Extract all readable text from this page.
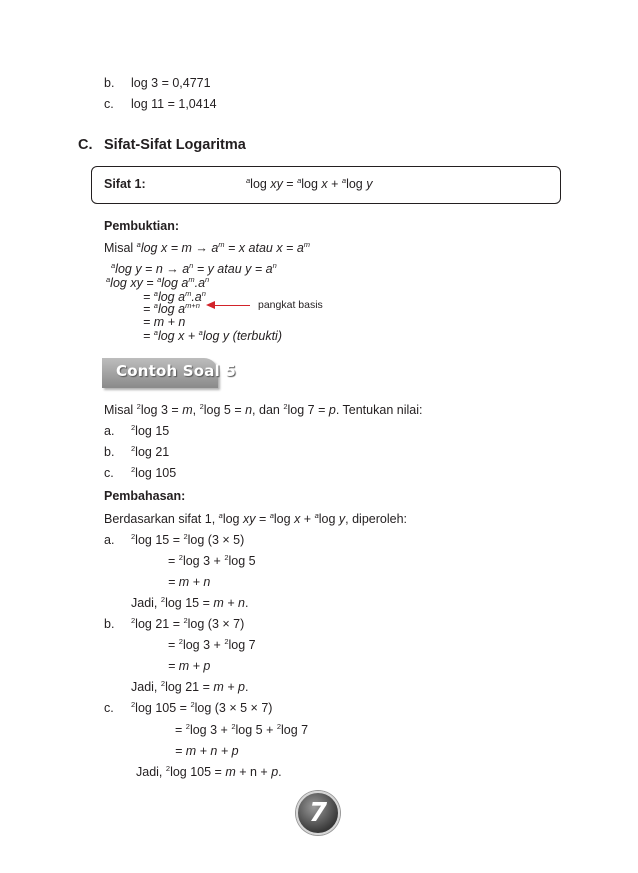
b. log 3 = 0,4771
c. log 11 = 1,0414
C. Sifat-Sifat Logaritma
Sifat 1:	$^a$log xy = $^a$log x + $^a$log y
Pembuktian:
Misal $^a$log $x = m \to a^m = x$ atau $x = a^m$
$^a$log $y = n \to a^n = y$ atau $y = a^n$
$^a$log xy = $^a$log $a^m.a^n$
= $^a$log $a^m.a^n$
= $^a$log $a^{m+n}$	pangkat basis
= m + n
= $^a$log x + $^a$log y (terbukti)
Contoh Soal 5
Misal $^2$log 3 = m, $^2$log 5 = n, dan $^2$log 7 = p. Tentukan nilai:
a. $^2$log 15
b. $^2$log 21
c. $^2$log 105
Pembahasan:
Berdasarkan sifat 1, $^a$log xy = $^a$log x + $^a$log y, diperoleh:
a. $^2$log 15 = $^2$log (3 × 5)
= $^2$log 3 + $^2$log 5
= m + n
Jadi, $^2$log 15 = m + n.
b. $^2$log 21 = $^2$log (3 × 7)
= $^2$log 3 + $^2$log 7
= m + p
Jadi, $^2$log 21 = m + p.
c. $^2$log 105 = $^2$log (3 × 5 × 7)
= $^2$log 3 + $^2$log 5 + $^2$log 7
= m + n + p
Jadi, $^2$log 105 = m + n + p.
7
